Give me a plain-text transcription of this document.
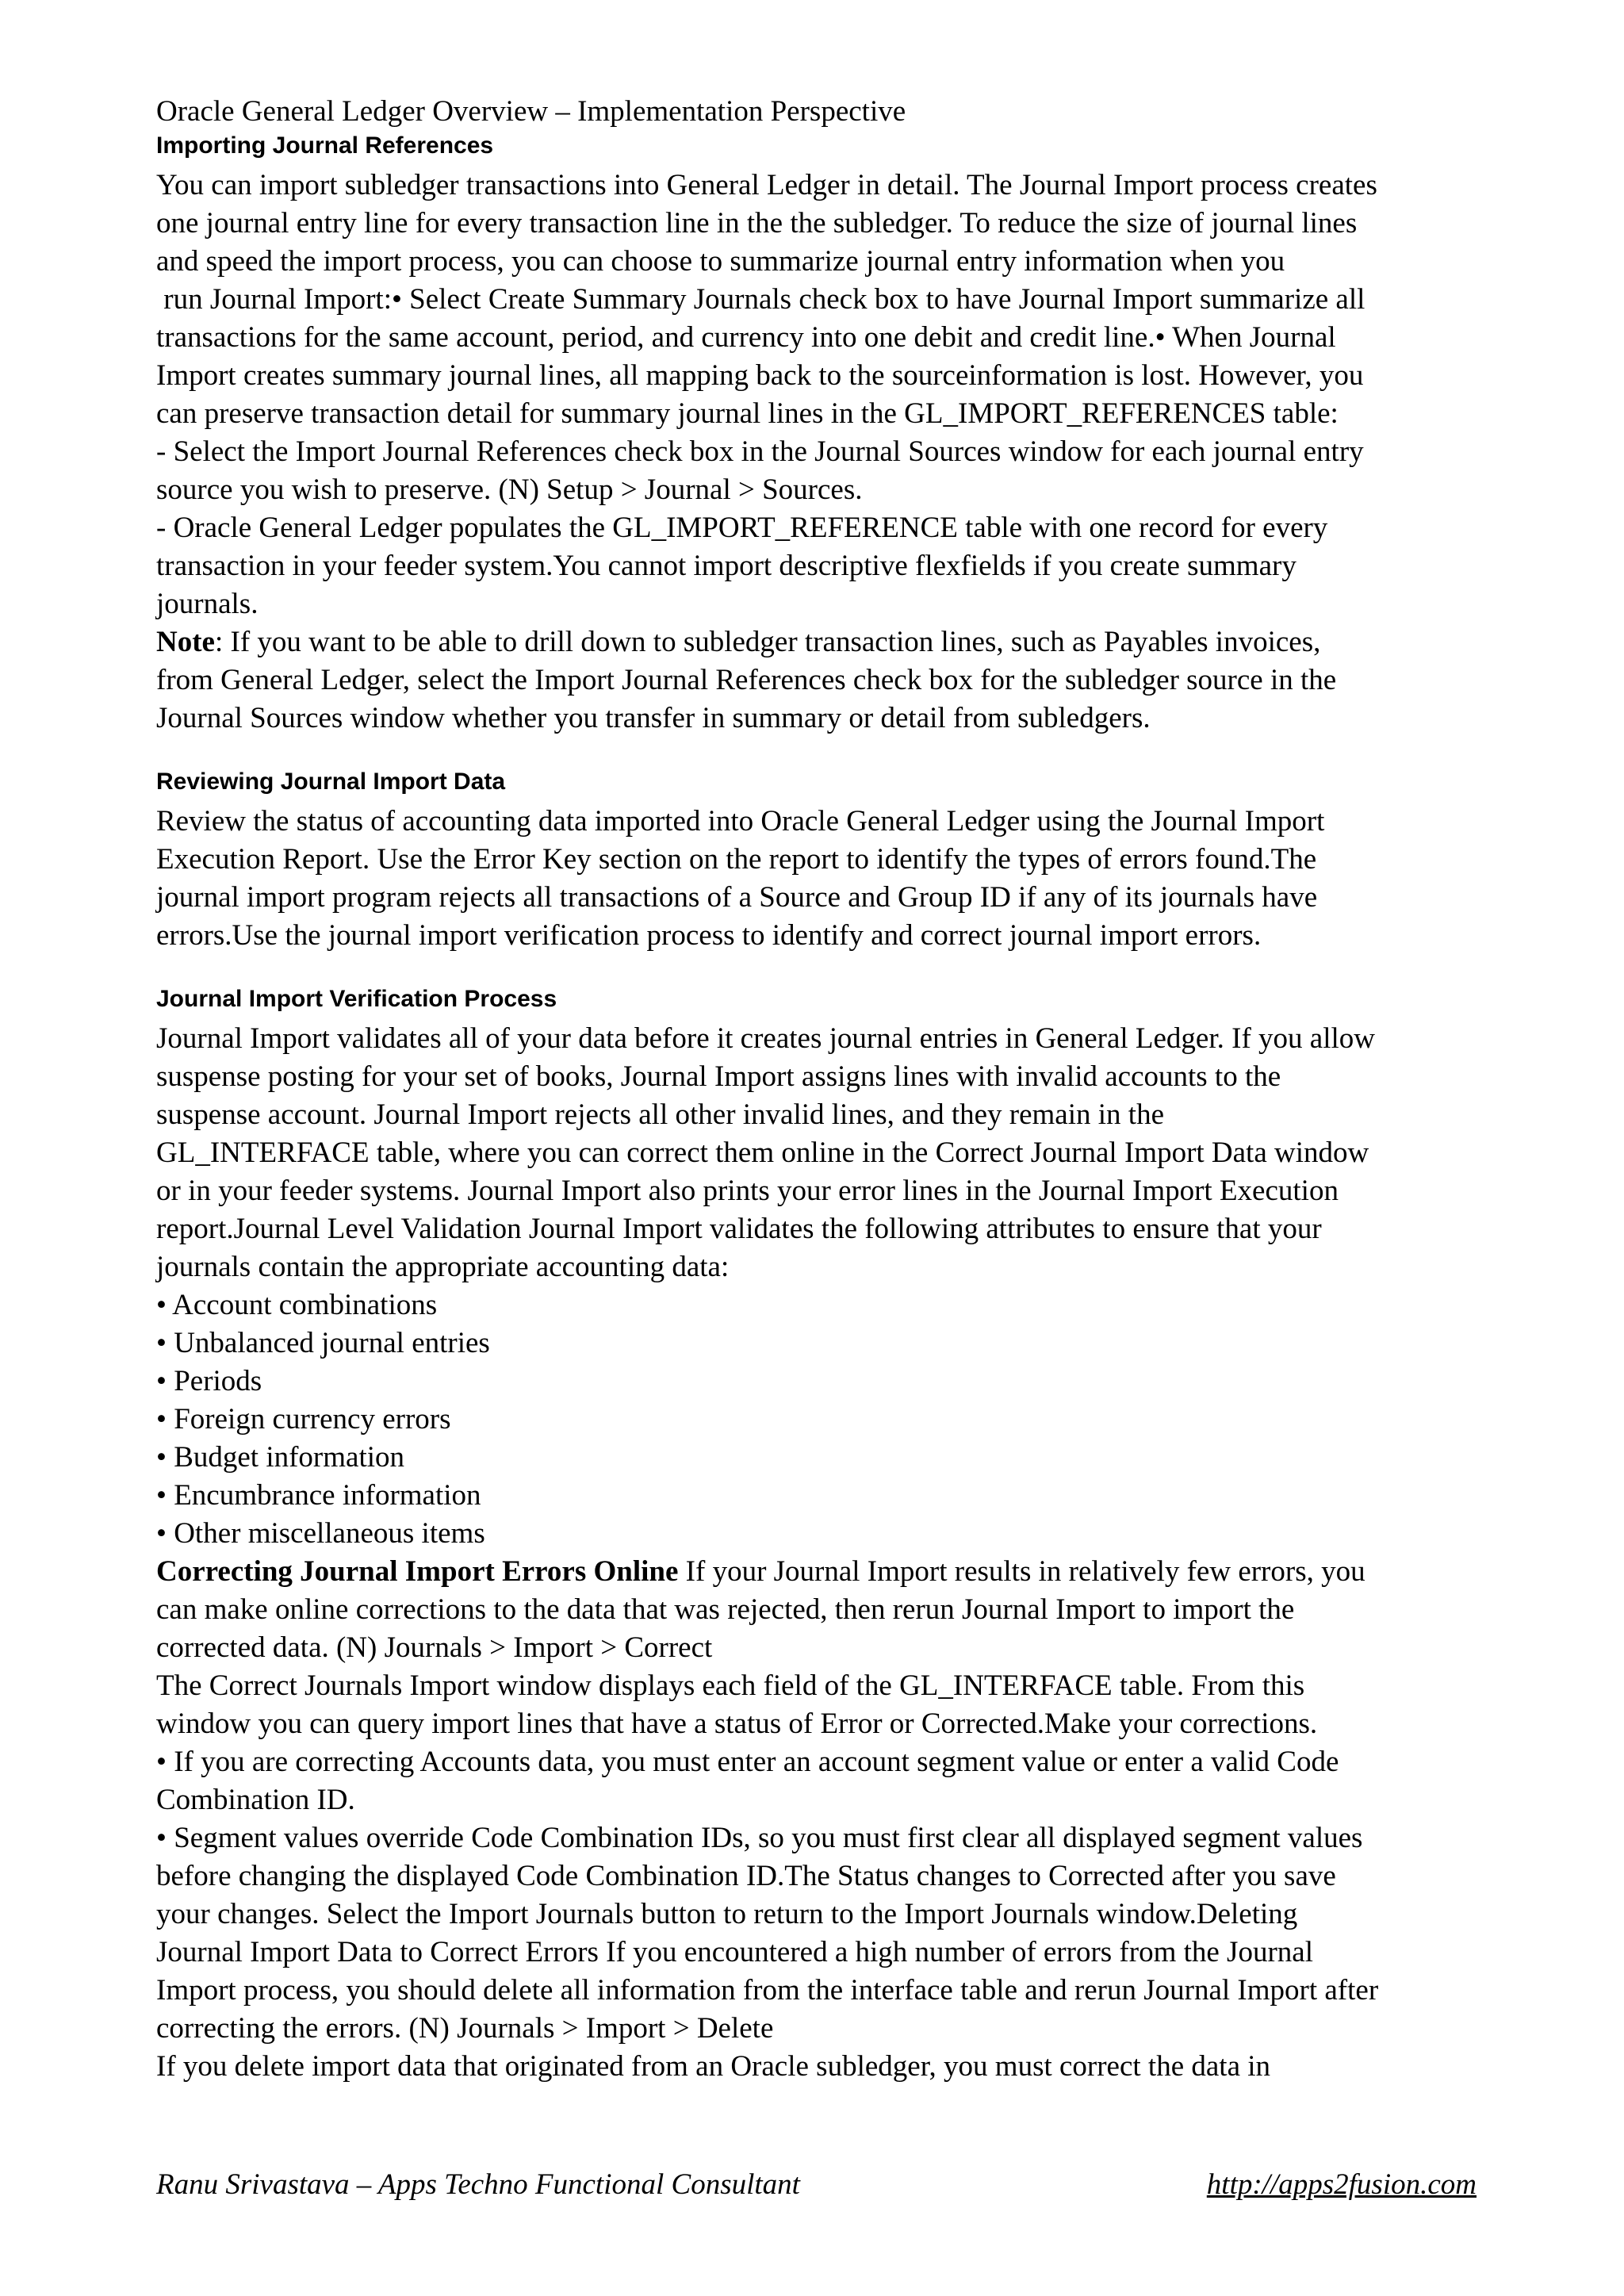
Oracle General Ledger Overview – Implementation Perspective

Importing Journal References

You can import subledger transactions into General Ledger in detail. The Journal Import process creates

one journal entry line for every transaction line in the the subledger. To reduce the size of journal lines

and speed the import process, you can choose to summarize journal entry information when you

run Journal Import:• Select Create Summary Journals check box to have Journal Import summarize all

transactions for the same account, period, and currency into one debit and credit line.• When Journal

Import creates summary journal lines, all mapping back to the sourceinformation is lost. However, you

can preserve transaction detail for summary journal lines in the GL_IMPORT_REFERENCES table:

- Select the Import Journal References check box in the Journal Sources window for each journal entry

source you wish to preserve. (N) Setup > Journal > Sources.

- Oracle General Ledger populates the GL_IMPORT_REFERENCE table with one record for every

transaction in your feeder system.You cannot import descriptive flexfields if you create summary

journals.

Note: If you want to be able to drill down to subledger transaction lines, such as Payables invoices,

from General Ledger, select the Import Journal References check box for the subledger source in the

Journal Sources window whether you transfer in summary or detail from subledgers.

Reviewing Journal Import Data

Review the status of accounting data imported into Oracle General Ledger using the Journal Import

Execution Report. Use the Error Key section on the report to identify the types of errors found.The

journal import program rejects all transactions of a Source and Group ID if any of its journals have

errors.Use the journal import verification process to identify and correct journal import errors.

Journal Import Verification Process

Journal Import validates all of your data before it creates journal entries in General Ledger. If you allow

suspense posting for your set of books, Journal Import assigns lines with invalid accounts to the

suspense account. Journal Import rejects all other invalid lines, and they remain in the

GL_INTERFACE table, where you can correct them online in the Correct Journal Import Data window

or in your feeder systems. Journal Import also prints your error lines in the Journal Import Execution

report.Journal Level Validation Journal Import validates the following attributes to ensure that your

journals contain the appropriate accounting data:

• Account combinations

• Unbalanced journal entries

• Periods

• Foreign currency errors

• Budget information

• Encumbrance information

• Other miscellaneous items

Correcting Journal Import Errors Online If your Journal Import results in relatively few errors, you

can make online corrections to the data that was rejected, then rerun Journal Import to import the

corrected data. (N) Journals > Import > Correct

The Correct Journals Import window displays each field of the GL_INTERFACE table. From this

window you can query import lines that have a status of Error or Corrected.Make your corrections.

• If you are correcting Accounts data, you must enter an account segment value or enter a valid Code

Combination ID.

• Segment values override Code Combination IDs, so you must first clear all displayed segment values

before changing the displayed Code Combination ID.The Status changes to Corrected after you save

your changes. Select the Import Journals button to return to the Import Journals window.Deleting

Journal Import Data to Correct Errors If you encountered a high number of errors from the Journal

Import process, you should delete all information from the interface table and rerun Journal Import after

correcting the errors. (N) Journals > Import > Delete

If you delete import data that originated from an Oracle subledger, you must correct the data in

Ranu Srivastava – Apps Techno Functional Consultant	http://apps2fusion.com
